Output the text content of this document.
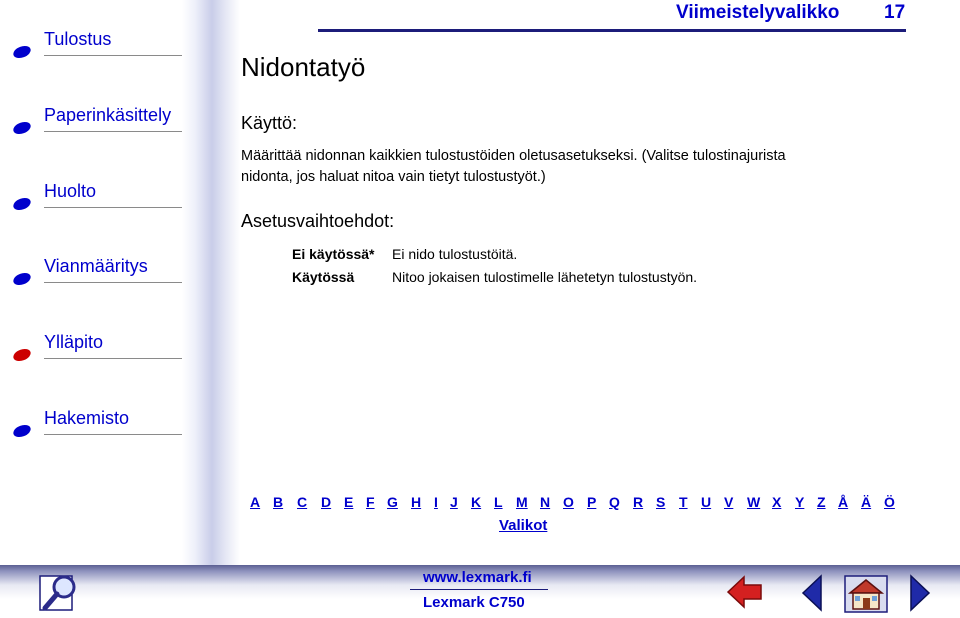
Tulostus
Paperinkäsittely
Huolto
Vianmääritys
Ylläpito
Hakemisto
Viimeistelyvalikko 17
Nidontatyö
Käyttö:
Määrittää nidonnan kaikkien tulostustöiden oletusasetukseksi. (Valitse tulostinajurista
nidonta, jos haluat nitoa vain tietyt tulostustyöt.)
Asetusvaihtoehdot:
Ei käytössä* Ei nido tulostustöitä.
Käytössä	Nitoo jokaisen tulostimelle lähetetyn tulostustyön.
A B C D E F G H I J K L M N O P Q R S T U V W X Y Z Å Ä Ö
Valikot
www.lexmark.fi
Lexmark C750
